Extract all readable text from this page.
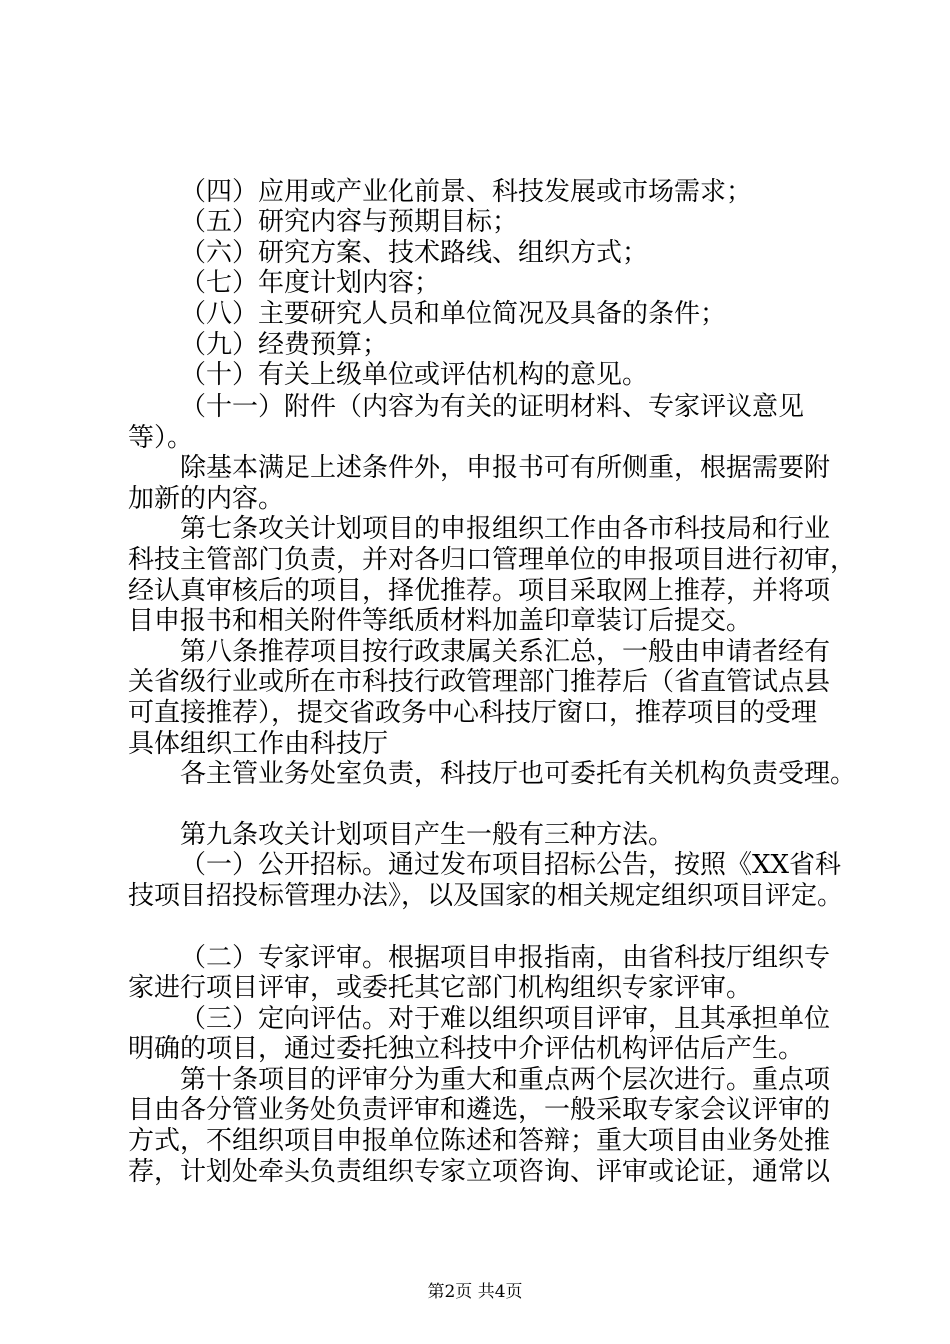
（四）应用或产业化前景、科技发展或市场需求；
（五）研究内容与预期目标；
（六）研究方案、技术路线、组织方式；
（七）年度计划内容；
（八）主要研究人员和单位简况及具备的条件；
（九）经费预算；
（十）有关上级单位或评估机构的意见。
（十一）附件（内容为有关的证明材料、专家评议意见
等）。
除基本满足上述条件外，申报书可有所侧重，根据需要附
加新的内容。
第七条攻关计划项目的申报组织工作由各市科技局和行业
科技主管部门负责，并对各归口管理单位的申报项目进行初审，
经认真审核后的项目，择优推荐。项目采取网上推荐，并将项
目申报书和相关附件等纸质材料加盖印章装订后提交。
第八条推荐项目按行政隶属关系汇总，一般由申请者经有
关省级行业或所在市科技行政管理部门推荐后（省直管试点县
可直接推荐），提交省政务中心科技厅窗口，推荐项目的受理
具体组织工作由科技厅
各主管业务处室负责，科技厅也可委托有关机构负责受理。
第九条攻关计划项目产生一般有三种方法。
（一）公开招标。通过发布项目招标公告，按照《XX省科
技项目招投标管理办法》，以及国家的相关规定组织项目评定。
（二）专家评审。根据项目申报指南，由省科技厅组织专
家进行项目评审，或委托其它部门机构组织专家评审。
（三）定向评估。对于难以组织项目评审，且其承担单位
明确的项目，通过委托独立科技中介评估机构评估后产生。
第十条项目的评审分为重大和重点两个层次进行。重点项
目由各分管业务处负责评审和遴选，一般采取专家会议评审的
方式，不组织项目申报单位陈述和答辩；重大项目由业务处推
荐，计划处牵头负责组织专家立项咨询、评审或论证，通常以
第2页 共4页
